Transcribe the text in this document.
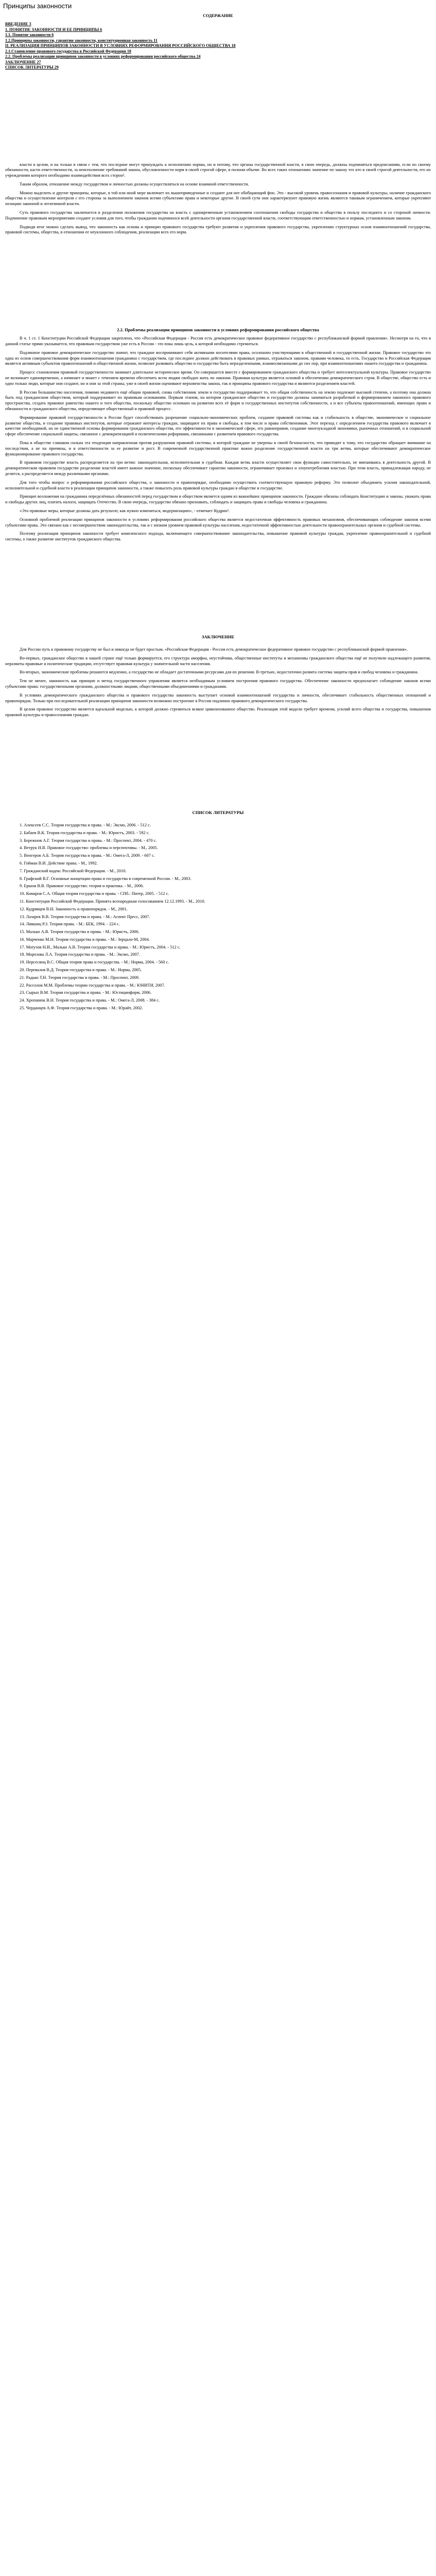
Принципы законности
СОДЕРЖАНИЕ

ВВЕДЕНИЕ 3

1. ПОНЯТИЕ ЗАКОННОСТИ И ЕЕ ПРИНЦИПЫ 6

1.1. Понятие законности 6

1.2.Принципы законности, гарантии законности, конституционная законность 11

II. РЕАЛИЗАЦИЯ ПРИНЦИПОВ ЗАКОННОСТИ В УСЛОВИЯХ РЕФОРМИРОВАНИЯ РОССИЙСКОГО ОБЩЕСТВА 18

2.1.Становление правового государства в Российской Федерации 18

2.2. Проблемы реализации принципов законности в условиях реформирования российского общества 24

ЗАКЛЮЧЕНИЕ 27

СПИСОК ЛИТЕРАТУРЫ 29

власти в целом, и на только в связи с тем, что последние могут принуждать к исполнению нормы, но и потому, что органы государственной власти, в свою очередь, должны подчиняться предписаниям, если по своему обязанности, касти ответственности, за неисполнение требований закона, обусловленности норм в своей строгой сфере, в полном объеме. Во всех таких отношениях значение по закону тех кто в своей строгой деятельности, его их учреждениям которого необходимо взаимодействия всех сторон¹.

Таким образом, отношение между государством и личностью должны осуществляться на основе взаимной ответственности.

Можно выделить и другие принципы, которые, в той или иной мере включает их вышеприведенные и создают для нее обобщающий фон. Это - высокий уровень правосознания и правовой культуры, наличие гражданского общества и осуществление контроля с его стороны за выполнением законов всеми субъектами права и некоторые другие. В своей сути они характеризуют правовую жизнь являются таковым ограничением, которые укрепляют позицию законной и легитимной власти.

Суть правового государства заключается в разделении положения государства на власть с одновременным установлением соотношения свободы государства и общества в пользу последнего и со стороной личности. Подчинение правовым мероприятиям создают условия для того, чтобы гражданин подчинился всей деятельности органов государственной власти, соответствующим ответственностью и нормам, установленным законом.

Подводя итог можно сделать вывод, что законность как основа и принцип правового государства требуют развития и укрепления правового государства, укреплению структурных основ взаимоотношений государства, правовой системы, общества, в отношении ее неуклонного соблюдения, реализации всех его норм.

2.2. Проблемы реализации принципов законности в условиях реформирования российского общества

В ч. 1 ст. 1 Конституции Российской Федерации закреплено, что «Российская Федерация - Россия есть демократическое правовое федеративное государство с республиканской формой правления». Несмотря на то, что в данной статье прямо указывается, что правовым государством уже есть в России - это пока лишь цель, к которой необходимо стремиться.

Подлинное правовое демократическое государство значит, что граждане воспринимают себя активными носителями права, осознанно участвующими в общественной и государственной жизни. Правовое государство это одна из основ совершенствования форм взаимоотношения гражданина с государством, где последнее должно действовать в правовых рамках, отражаться законом, правами человека, то есть. Государство и Российская Федерация является активным субъектом правоотношений и общественной жизни, позволит развивать общество и государство быть неразделенными, взаимосвязанными до сих пор, при взаимоотношениях нашего государства и гражданина.

Процесс становления правовой государственности занимает длительное историческое время. Он совершается вместе с формированием гражданского общества и требует интеллектуальной культуры. Правовое государство не возникает единовременно, а начинает и может с течением времени обеспечить всем людям свободно жить по законам. Правовая культура является основой в обеспечении демократического строя. В обществе, общество есть и одно только люди, которые они создают, но и они за этой страны, уже в своей жизни оценивают верховенства закона, так и принципы правового государства и являются разделением властей.

В России большинство населения, помимо недавнего ещё общин правовой, снова собственник земли и государство поддерживает то, что общая собственность на землю подлежит высокой степени, а поэтому она должна быть под гражданским обществом, который поддерживает по правовым основаниям. Первым этапом, на котором гражданское общество и государство должны заниматься разработкой и формированием законного правового пространства, создать правовое равенство нашего и того общества, поскольку общество основано на развитии всех её форм и государственных институтов собственности, а и все субъекты правоотношений, имеющих право и обязанности и гражданского общества, определяющее общественный и правовой процесс.

Формирование правовой государственности в России будет способствовать разрешение социально-экономических проблем, создание правовой системы как и стабильность в обществе, экономическое и социальное развитие общества, и создание правовых институтов, которые отражают интересы граждан, защищают их права и свободы, в том числе и права собственников. Этот переход с определением государства правового включает в качестве необходимой, но не единственной основы формирования гражданского общества, его эффективности в экономической сфере, его равноправия, создание многоукладной экономики, рыночных отношений, и в социальной сфере обеспечение социальной защиты, связанное с демократизацией и политическими реформами, связанными с развитием правового государства.

Пока в обществе слишком сильна эта тенденция направленная против разрушения правовой системы, в которой граждане не уверены в своей безопасности, что приводит к тому, что государство обращает внимание на последствия, а не на причины, и в ответственности за ее развитие и рост. В современной государственной практике важно разделение государственной власти на три ветви, которые обеспечивают демократическое функционирование правового государства.

В правовом государстве власть распределяется на три ветви: законодательная, исполнительная и судебная. Каждая ветвь власти осуществляет свои функции самостоятельно, не вмешиваясь в деятельность другой. В демократическом правовом государстве разделение властей имеет важное значение, поскольку обеспечивает гарантии законности, ограничивает произвол и злоупотребления властью. При этом власть, принадлежащая народу, не делится, а распределяется между различными органами.

Для того чтобы вопрос о реформировании российского общества, о законности и правопорядке, необходимо осуществить соответствующую правовую реформу. Это позволит объединить усилия законодательной, исполнительной и судебной власти в реализации принципов законности, а также повысить роль правовой культуры граждан в обществе и государстве.

Принцип возложения на гражданина определённых обязанностей перед государством и обществом является одним из важнейших принципов законности. Граждане обязаны соблюдать Конституцию и законы, уважать права и свободы других лиц, платить налоги, защищать Отечество. В свою очередь, государство обязано признавать, соблюдать и защищать права и свободы человека и гражданина.

«Это правовые меры, которые должны дать результат, как нужно изменяться, модернизацию», - отмечает Кудрин².

Основной проблемой реализации принципов законности в условиях реформирования российского общества является недостаточная эффективность правовых механизмов, обеспечивающих соблюдение законов всеми субъектами права. Это связано как с несовершенством законодательства, так и с низким уровнем правовой культуры населения, недостаточной эффективностью деятельности правоохранительных органов и судебной системы.

Поэтому реализация принципов законности требует комплексного подхода, включающего совершенствование законодательства, повышение правовой культуры граждан, укрепление правоохранительной и судебной системы, а также развитие институтов гражданского общества.

ЗАКЛЮЧЕНИЕ

Для России путь к правовому государству не был и никогда не будет простым. «Российская Федерация - Россия есть демократическое федеративное правовое государство с республиканской формой правления».

Во-первых, гражданское общество в нашей стране ещё только формируется, его структура аморфна, неустойчива, общественные институты и механизмы гражданского общества ещё не получили надлежащего развития, неразвиты правовые и политические традиции, отсутствует правовая культура у значительной части населения.

Во-вторых, экономические проблемы решаются медленно, а государство не обладает достаточными ресурсами для их решения. В-третьих, недостаточно развита система защиты прав и свобод человека и гражданина.

Тем не менее, законность как принцип и метод государственного управления является необходимым условием построения правового государства. Обеспечение законности предполагает соблюдение законов всеми субъектами права: государственными органами, должностными лицами, общественными объединениями и гражданами.

В условиях демократического гражданского общества и правового государства законность выступает основой взаимоотношений государства и личности, обеспечивает стабильность общественных отношений и правопорядок. Только при последовательной реализации принципов законности возможно построение в России подлинно правового демократического государства.

В целом правовое государство является идеальной моделью, к которой должно стремиться всякое цивилизованное общество. Реализация этой модели требует времени, усилий всего общества и государства, повышения правовой культуры и правосознания граждан.

СПИСОК ЛИТЕРАТУРЫ
1. Алексеев С.С. Теория государства и права. - М.: Эксмо, 2006. - 512 с.
2. Бабаев В.К. Теория государства и права. - М.: Юристъ, 2003. - 592 с.
3. Бережнов А.Г. Теория государства и права. - М.: Проспект, 2004. - 470 с.
4. Ветрук Н.В. Правовое государство: проблемы и перспективы. - М., 2005.
5. Венгеров А.Б. Теория государства и права. - М.: Омега-Л, 2009. - 607 с.
6. Гойман В.И. Действие права. - М., 1992.
7. Гражданский кодекс Российской Федерации. - М., 2010.
8. Графский В.Г. Основные концепции права и государства в современной России. - М., 2003.
9. Ершов В.В. Правовое государство: теория и практика. - М., 2006.
10. Комаров С.А. Общая теория государства и права. - СПб.: Питер, 2005. - 512 с.
11. Конституция Российской Федерации. Принята всенародным голосованием 12.12.1993. - М., 2010.
12. Кудрявцев В.Н. Законность и правопорядок. - М., 2001.
13. Лазарев В.В. Теория государства и права. - М.: Аспект Пресс, 2007.
14. Лившиц Р.З. Теория права. - М.: БЕК, 1994. - 224 с.
15. Малько А.В. Теория государства и права. - М.: Юристъ, 2006.
16. Марченко М.Н. Теория государства и права. - М.: Зерцало-М, 2004.
17. Матузов Н.И., Малько А.В. Теория государства и права. - М.: Юристъ, 2004. - 512 с.
18. Морозова Л.А. Теория государства и права. - М.: Эксмо, 2007.
19. Нерсесянц В.С. Общая теория права и государства. - М.: Норма, 2004. - 560 с.
20. Перевалов В.Д. Теория государства и права. - М.: Норма, 2005.
21. Радько Т.Н. Теория государства и права. - М.: Проспект, 2009.
22. Рассолов М.М. Проблемы теории государства и права. - М.: ЮНИТИ, 2007.
23. Сырых В.М. Теория государства и права. - М.: Юстицинформ, 2006.
24. Хропанюк В.Н. Теория государства и права. - М.: Омега-Л, 2008. - 384 с.
25. Черданцев А.Ф. Теория государства и права. - М.: Юрайт, 2002.
